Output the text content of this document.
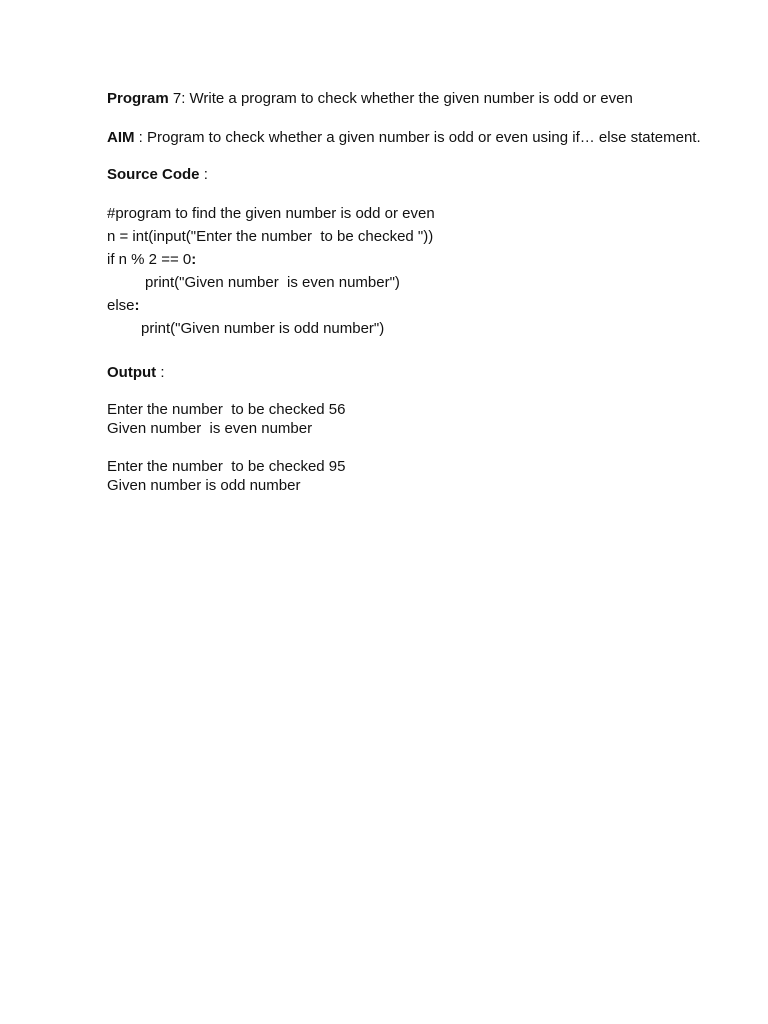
Program 7: Write a program to check whether the given number is odd or even

AIM : Program to check whether a given number is odd or even using if… else statement.

Source Code :

#program to find the given number is odd or even

n = int(input("Enter the number  to be checked "))

if n % 2 == 0:

print("Given number  is even number")

else:

print("Given number is odd number")

Output :

Enter the number  to be checked 56

Given number  is even number

Enter the number  to be checked 95

Given number is odd number
